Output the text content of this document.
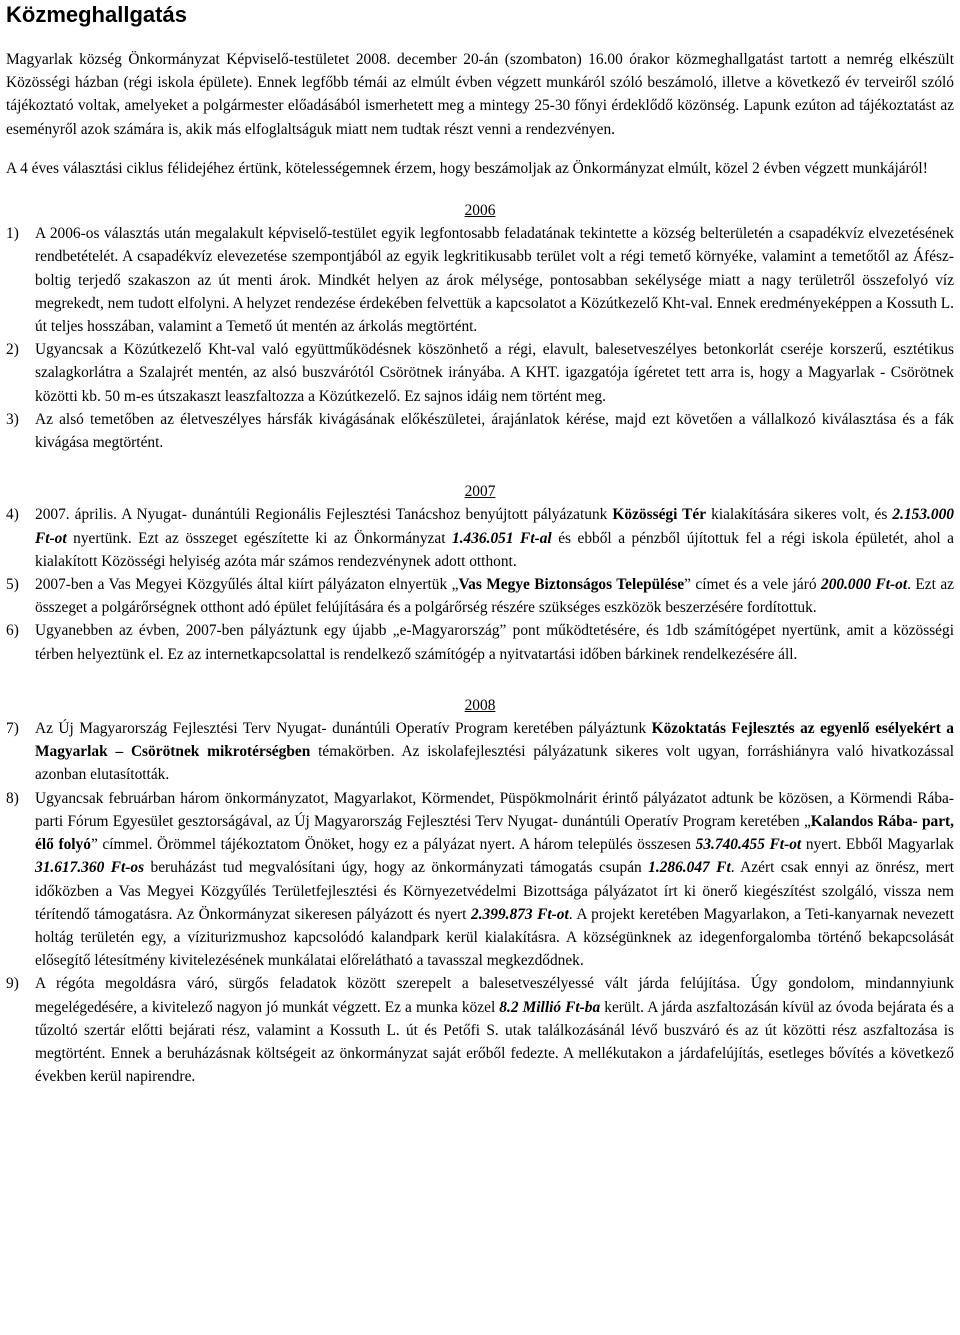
Közmeghallgatás

Magyarlak község Önkormányzat Képviselő-testületet 2008. december 20-án (szombaton) 16.00 órakor közmeghallgatást tartott a nemrég elkészült Közösségi házban (régi iskola épülete). Ennek legfőbb témái az elmúlt évben végzett munkáról szóló beszámoló, illetve a következő év terveiről szóló tájékoztató voltak, amelyeket a polgármester előadásából ismerhetett meg a mintegy 25-30 főnyi érdeklődő közönség. Lapunk ezúton ad tájékoztatást az eseményről azok számára is, akik más elfoglaltságuk miatt nem tudtak részt venni a rendezvényen.

A 4 éves választási ciklus félidejéhez értünk, kötelességemnek érzem, hogy beszámoljak az Önkormányzat elmúlt, közel 2 évben végzett munkájáról!

2006

1) A 2006-os választás után megalakult képviselő-testület egyik legfontosabb feladatának tekintette a község belterületén a csapadékvíz elvezetésének rendbetételét. A csapadékvíz elevezetése szempontjából az egyik legkritikusabb terület volt a régi temető környéke, valamint a temetőtől az Áfész-boltig terjedő szakaszon az út menti árok. Mindkét helyen az árok mélysége, pontosabban sekélysége miatt a nagy területről összefolyó víz megrekedt, nem tudott elfolyni. A helyzet rendezése érdekében felvettük a kapcsolatot a Közútkezelő Kht-val. Ennek eredményeképpen a Kossuth L. út teljes hosszában, valamint a Temető út mentén az árkolás megtörtént.
2) Ugyancsak a Közútkezelő Kht-val való együttműködésnek köszönhető a régi, elavult, balesetveszélyes betonkorlát cseréje korszerű, esztétikus szalagkorlátra a Szalajrét mentén, az alsó buszvárótól Csörötnek irányába. A KHT. igazgatója ígéretet tett arra is, hogy a Magyarlak - Csörötnek közötti kb. 50 m-es útszakaszt leaszfaltozza a Közútkezelő. Ez sajnos idáig nem történt meg.
3) Az alsó temetőben az életveszélyes hársfák kivágásának előkészületei, árajánlatok kérése, majd ezt követően a vállalkozó kiválasztása és a fák kivágása megtörtént.

2007

4) 2007. április. A Nyugat- dunántúli Regionális Fejlesztési Tanácshoz benyújtott pályázatunk Közösségi Tér kialakítására sikeres volt, és 2.153.000 Ft-ot nyertünk. Ezt az összeget egészítette ki az Önkormányzat 1.436.051 Ft-al és ebből a pénzből újítottuk fel a régi iskola épületét, ahol a kialakított Közösségi helyiség azóta már számos rendezvénynek adott otthont.
5) 2007-ben a Vas Megyei Közgyűlés által kiírt pályázaton elnyertük „Vas Megye Biztonságos Települése” címet és a vele járó 200.000 Ft-ot. Ezt az összeget a polgárőrségnek otthont adó épület felújítására és a polgárőrség részére szükséges eszközök beszerzésére fordítottuk.
6) Ugyanebben az évben, 2007-ben pályáztunk egy újabb „e-Magyarország” pont működtetésére, és 1db számítógépet nyertünk, amit a közösségi térben helyeztünk el. Ez az internetkapcsolattal is rendelkező számítógép a nyitvatartási időben bárkinek rendelkezésére áll.

2008

7) Az Új Magyarország Fejlesztési Terv Nyugat- dunántúli Operatív Program keretében pályáztunk Közoktatás Fejlesztés az egyenlő esélyekért a Magyarlak – Csörötnek mikrotérségben témakörben. Az iskolafejlesztési pályázatunk sikeres volt ugyan, forráshiányra való hivatkozással azonban elutasították.
8) Ugyancsak februárban három önkormányzatot, Magyarlakot, Körmendet, Püspökmolnárit érintő pályázatot adtunk be közösen, a Körmendi Rába-parti Fórum Egyesület gesztorságával, az Új Magyarország Fejlesztési Terv Nyugat- dunántúli Operatív Program keretében „Kalandos Rába- part, élő folyó” címmel. Örömmel tájékoztatom Önöket, hogy ez a pályázat nyert. A három település összesen 53.740.455 Ft-ot nyert. Ebből Magyarlak 31.617.360 Ft-os beruházást tud megvalósítani úgy, hogy az önkormányzati támogatás csupán 1.286.047 Ft. Azért csak ennyi az önrész, mert időközben a Vas Megyei Közgyűlés Területfejlesztési és Környezetvédelmi Bizottsága pályázatot írt ki önerő kiegészítést szolgáló, vissza nem térítendő támogatásra. Az Önkormányzat sikeresen pályázott és nyert 2.399.873 Ft-ot. A projekt keretében Magyarlakon, a Teti-kanyarnak nevezett holtág területén egy, a víziturizmushoz kapcsolódó kalandpark kerül kialakításra. A községünknek az idegenforgalomba történő bekapcsolását elősegítő létesítmény kivitelezésének munkálatai előrelátható a tavasszal megkezdődnek.
9) A régóta megoldásra váró, sürgős feladatok között szerepelt a balesetveszélyessé vált járda felújítása. Úgy gondolom, mindannyiunk megelégedésére, a kivitelező nagyon jó munkát végzett. Ez a munka közel 8.2 Millió Ft-ba került. A járda aszfaltozásán kívül az óvoda bejárata és a tűzoltó szertár előtti bejárati rész, valamint a Kossuth L. út és Petőfi S. utak találkozásánál lévő buszváró és az út közötti rész aszfaltozása is megtörtént. Ennek a beruházásnak költségeit az önkormányzat saját erőből fedezte. A mellékutakon a járdafelújítás, esetleges bővítés a következő években kerül napirendre.
